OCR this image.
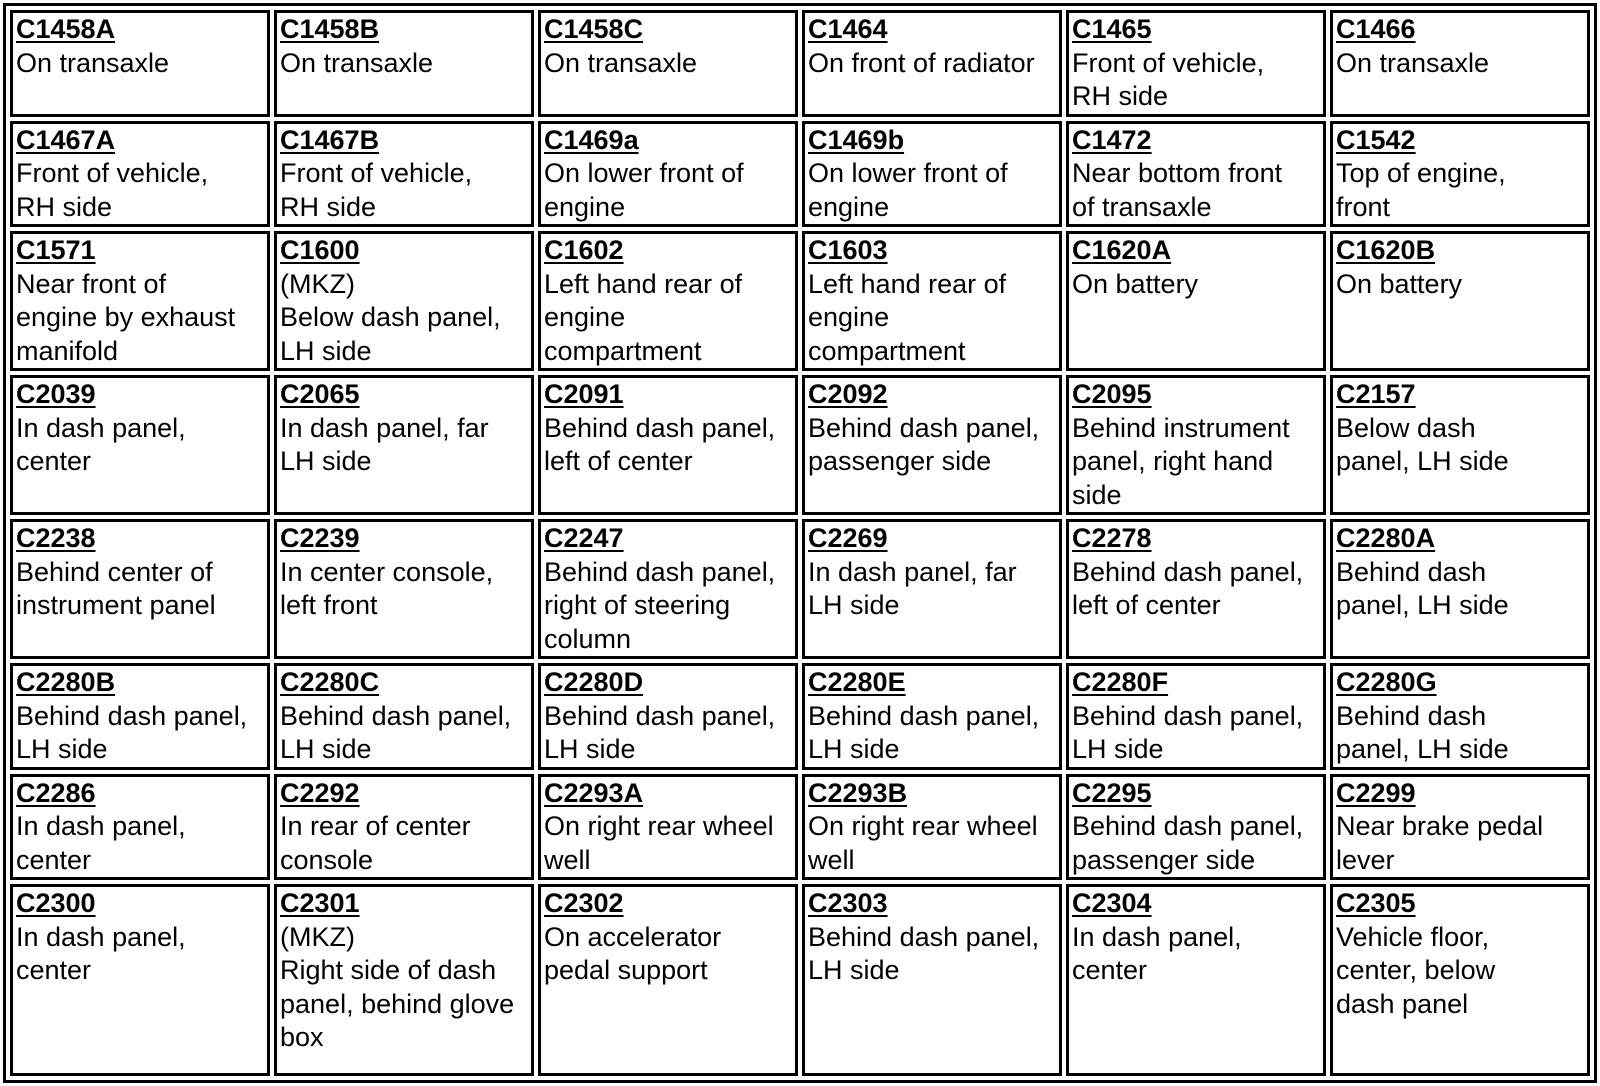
C1458A
On transaxle	C1458B
On transaxle	C1458C
On transaxle	C1464
On front of radiator	C1465
Front of vehicle,
RH side	C1466
On transaxle

C1467A
Front of vehicle,
RH side	C1467B
Front of vehicle,
RH side	C1469a
On lower front of
engine	C1469b
On lower front of
engine	C1472
Near bottom front
of transaxle	C1542
Top of engine,
front

C1571
Near front of
engine by exhaust
manifold	C1600
(MKZ)
Below dash panel,
LH side	C1602
Left hand rear of
engine
compartment	C1603
Left hand rear of
engine
compartment	C1620A
On battery	C1620B
On battery

C2039
In dash panel,
center	C2065
In dash panel, far
LH side	C2091
Behind dash panel,
left of center	C2092
Behind dash panel,
passenger side	C2095
Behind instrument
panel, right hand
side	C2157
Below dash
panel, LH side

C2238
Behind center of
instrument panel	C2239
In center console,
left front	C2247
Behind dash panel,
right of steering
column	C2269
In dash panel, far
LH side	C2278
Behind dash panel,
left of center	C2280A
Behind dash
panel, LH side

C2280B
Behind dash panel,
LH side	C2280C
Behind dash panel,
LH side	C2280D
Behind dash panel,
LH side	C2280E
Behind dash panel,
LH side	C2280F
Behind dash panel,
LH side	C2280G
Behind dash
panel, LH side

C2286
In dash panel,
center	C2292
In rear of center
console	C2293A
On right rear wheel
well	C2293B
On right rear wheel
well	C2295
Behind dash panel,
passenger side	C2299
Near brake pedal
lever

C2300
In dash panel,
center	C2301
(MKZ)
Right side of dash
panel, behind glove
box	C2302
On accelerator
pedal support	C2303
Behind dash panel,
LH side	C2304
In dash panel,
center	C2305
Vehicle floor,
center, below
dash panel
